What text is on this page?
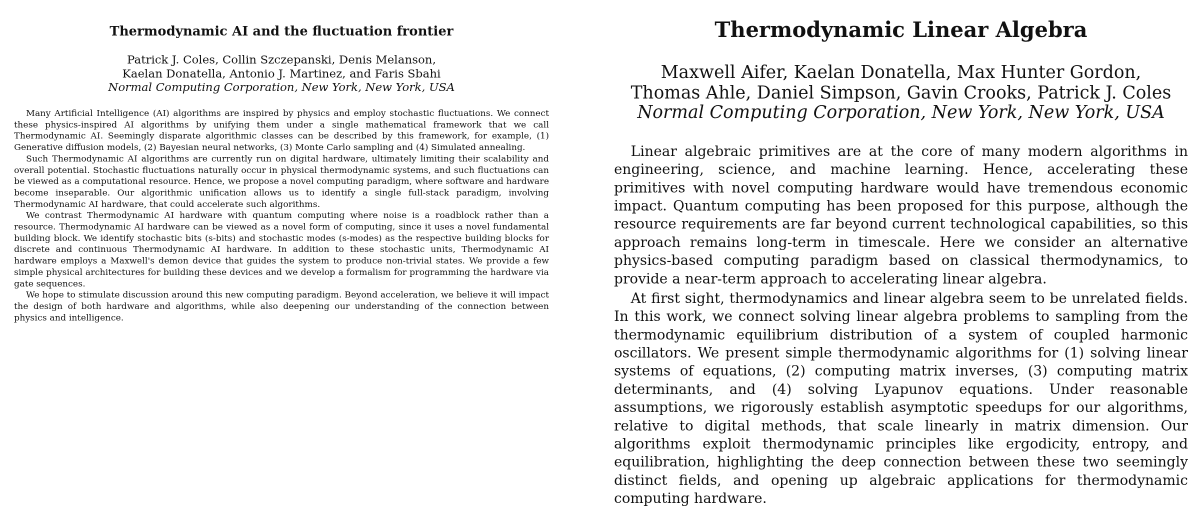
Thermodynamic AI and the fluctuation frontier
Patrick J. Coles, Collin Szczepanski, Denis Melanson,
Kaelan Donatella, Antonio J. Martinez, and Faris Sbahi
Normal Computing Corporation, New York, New York, USA

Many Artificial Intelligence (AI) algorithms are inspired by physics and employ stochastic fluctuations. We connect these physics-inspired AI algorithms by unifying them under a single mathematical framework that we call Thermodynamic AI. Seemingly disparate algorithmic classes can be described by this framework, for example, (1) Generative diffusion models, (2) Bayesian neural networks, (3) Monte Carlo sampling and (4) Simulated annealing.

Such Thermodynamic AI algorithms are currently run on digital hardware, ultimately limiting their scalability and overall potential. Stochastic fluctuations naturally occur in physical thermodynamic systems, and such fluctuations can be viewed as a computational resource. Hence, we propose a novel computing paradigm, where software and hardware become inseparable. Our algorithmic unification allows us to identify a single full-stack paradigm, involving Thermodynamic AI hardware, that could accelerate such algorithms.

We contrast Thermodynamic AI hardware with quantum computing where noise is a roadblock rather than a resource. Thermodynamic AI hardware can be viewed as a novel form of computing, since it uses a novel fundamental building block. We identify stochastic bits (s-bits) and stochastic modes (s-modes) as the respective building blocks for discrete and continuous Thermodynamic AI hardware. In addition to these stochastic units, Thermodynamic AI hardware employs a Maxwell's demon device that guides the system to produce non-trivial states. We provide a few simple physical architectures for building these devices and we develop a formalism for programming the hardware via gate sequences.

We hope to stimulate discussion around this new computing paradigm. Beyond acceleration, we believe it will impact the design of both hardware and algorithms, while also deepening our understanding of the connection between physics and intelligence.

Thermodynamic Linear Algebra
Maxwell Aifer, Kaelan Donatella, Max Hunter Gordon,
Thomas Ahle, Daniel Simpson, Gavin Crooks, Patrick J. Coles
Normal Computing Corporation, New York, New York, USA

Linear algebraic primitives are at the core of many modern algorithms in engineering, science, and machine learning. Hence, accelerating these primitives with novel computing hardware would have tremendous economic impact. Quantum computing has been proposed for this purpose, although the resource requirements are far beyond current technological capabilities, so this approach remains long-term in timescale. Here we consider an alternative physics-based computing paradigm based on classical thermodynamics, to provide a near-term approach to accelerating linear algebra.

At first sight, thermodynamics and linear algebra seem to be unrelated fields. In this work, we connect solving linear algebra problems to sampling from the thermodynamic equilibrium distribution of a system of coupled harmonic oscillators. We present simple thermodynamic algorithms for (1) solving linear systems of equations, (2) computing matrix inverses, (3) computing matrix determinants, and (4) solving Lyapunov equations. Under reasonable assumptions, we rigorously establish asymptotic speedups for our algorithms, relative to digital methods, that scale linearly in matrix dimension. Our algorithms exploit thermodynamic principles like ergodicity, entropy, and equilibration, highlighting the deep connection between these two seemingly distinct fields, and opening up algebraic applications for thermodynamic computing hardware.
